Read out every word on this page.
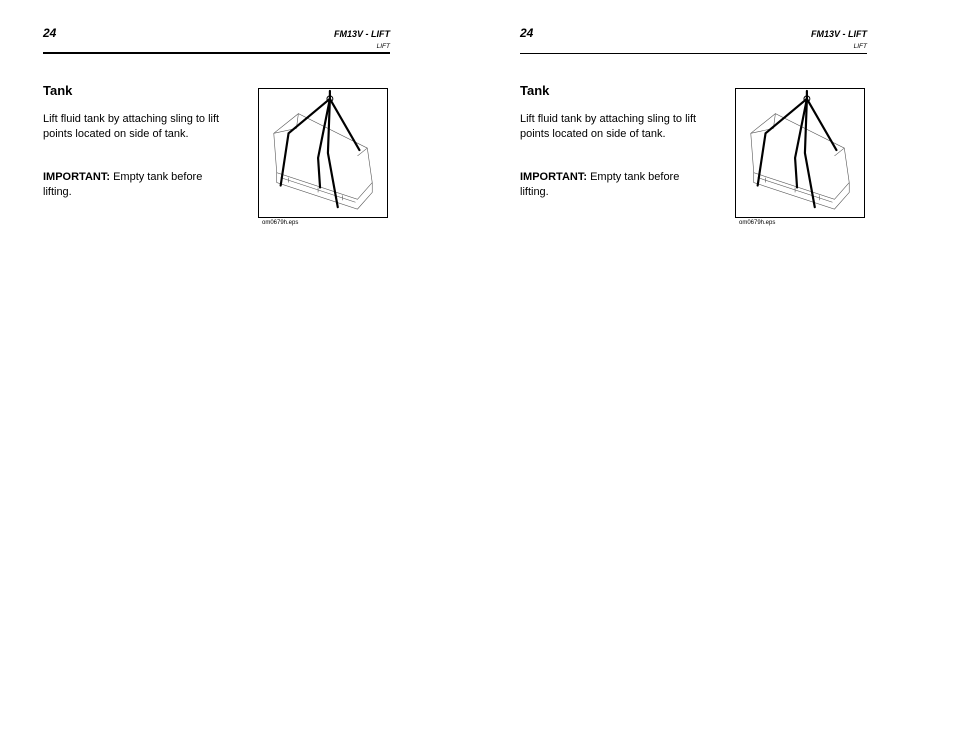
24	FM13V - LIFT
LIFT
Tank
Lift fluid tank by attaching sling to lift points located on side of tank.
IMPORTANT: Empty tank before lifting.
om0679h.eps
24	FM13V - LIFT
LIFT
Tank
Lift fluid tank by attaching sling to lift points located on side of tank.
IMPORTANT: Empty tank before lifting.
om0679h.eps
